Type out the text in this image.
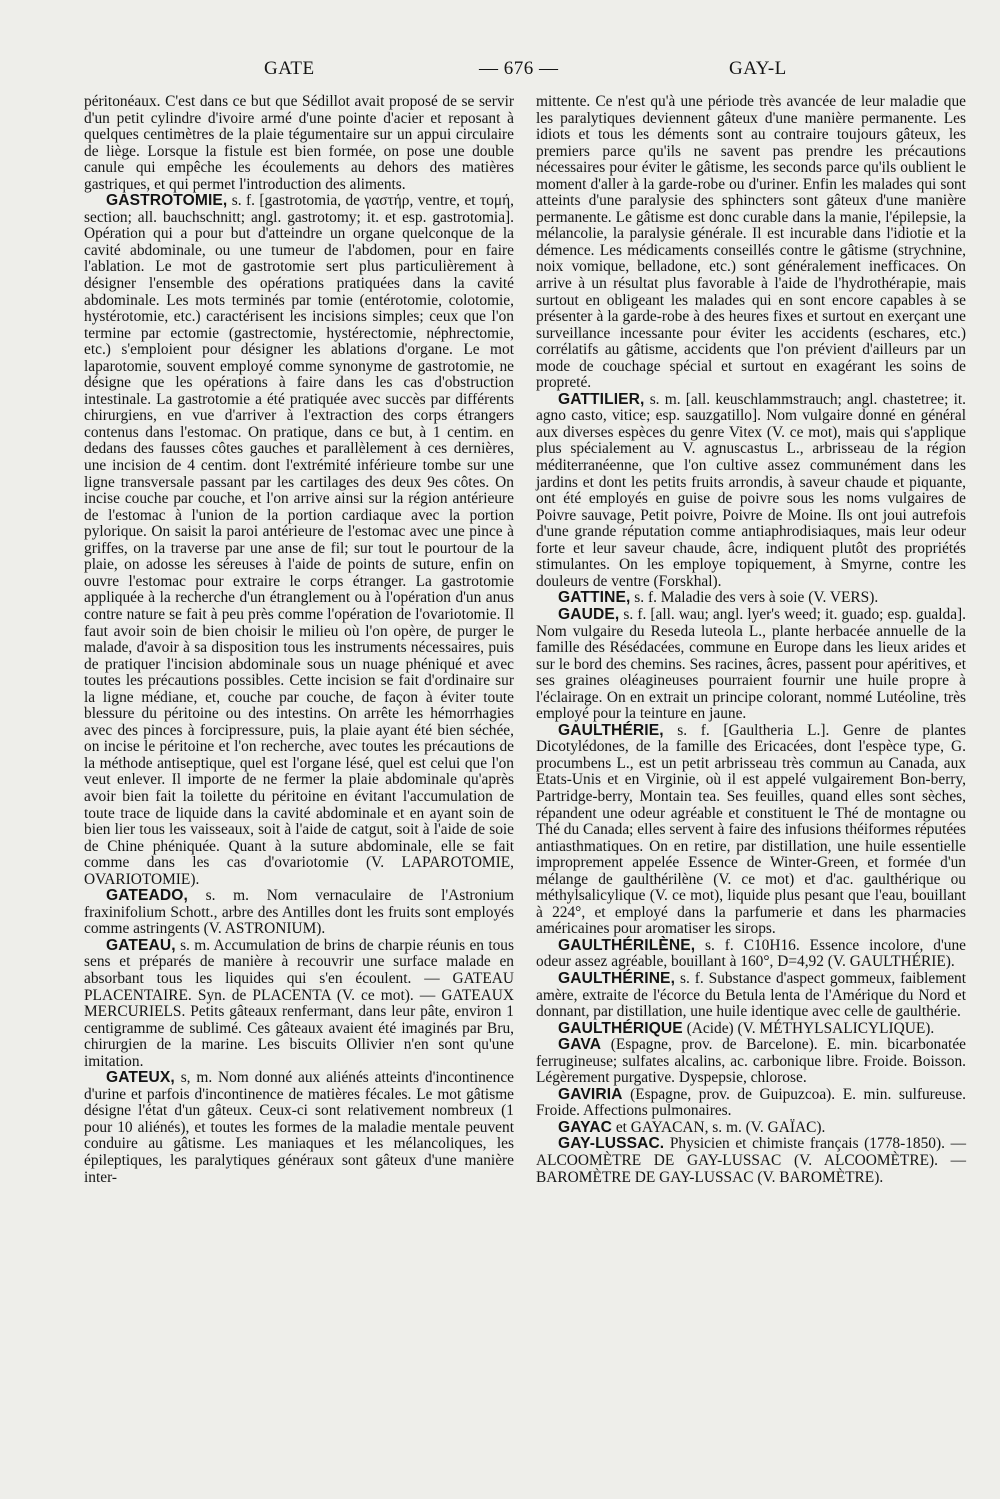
GATE	— 676 —	GAY-L

péritonéaux. C'est dans ce but que Sédillot avait proposé de se servir d'un petit cylindre d'ivoire armé d'une pointe d'acier et reposant à quelques centimètres de la plaie tégumentaire sur un appui circulaire de liège. Lorsque la fistule est bien formée, on pose une double canule qui empêche les écoulements au dehors des matières gastriques, et qui permet l'introduction des aliments.

GASTROTOMIE, s. f. [gastrotomia, de γαστήρ, ventre, et τομή, section; all. bauchschnitt; angl. gastrotomy; it. et esp. gastrotomia]. Opération qui a pour but d'atteindre un organe quelconque de la cavité abdominale, ou une tumeur de l'abdomen, pour en faire l'ablation. Le mot de gastrotomie sert plus particulièrement à désigner l'ensemble des opérations pratiquées dans la cavité abdominale. Les mots terminés par tomie (entérotomie, colotomie, hystérotomie, etc.) caractérisent les incisions simples; ceux que l'on termine par ectomie (gastrectomie, hystérectomie, néphrectomie, etc.) s'emploient pour désigner les ablations d'organe. Le mot laparotomie, souvent employé comme synonyme de gastrotomie, ne désigne que les opérations à faire dans les cas d'obstruction intestinale. La gastrotomie a été pratiquée avec succès par différents chirurgiens, en vue d'arriver à l'extraction des corps étrangers contenus dans l'estomac. On pratique, dans ce but, à 1 centim. en dedans des fausses côtes gauches et parallèlement à ces dernières, une incision de 4 centim. dont l'extrémité inférieure tombe sur une ligne transversale passant par les cartilages des deux 9es côtes. On incise couche par couche, et l'on arrive ainsi sur la région antérieure de l'estomac à l'union de la portion cardiaque avec la portion pylorique. On saisit la paroi antérieure de l'estomac avec une pince à griffes, on la traverse par une anse de fil; sur tout le pourtour de la plaie, on adosse les séreuses à l'aide de points de suture, enfin on ouvre l'estomac pour extraire le corps étranger. La gastrotomie appliquée à la recherche d'un étranglement ou à l'opération d'un anus contre nature se fait à peu près comme l'opération de l'ovariotomie. Il faut avoir soin de bien choisir le milieu où l'on opère, de purger le malade, d'avoir à sa disposition tous les instruments nécessaires, puis de pratiquer l'incision abdominale sous un nuage phéniqué et avec toutes les précautions possibles. Cette incision se fait d'ordinaire sur la ligne médiane, et, couche par couche, de façon à éviter toute blessure du péritoine ou des intestins. On arrête les hémorrhagies avec des pinces à forcipressure, puis, la plaie ayant été bien séchée, on incise le péritoine et l'on recherche, avec toutes les précautions de la méthode antiseptique, quel est l'organe lésé, quel est celui que l'on veut enlever. Il importe de ne fermer la plaie abdominale qu'après avoir bien fait la toilette du péritoine en évitant l'accumulation de toute trace de liquide dans la cavité abdominale et en ayant soin de bien lier tous les vaisseaux, soit à l'aide de catgut, soit à l'aide de soie de Chine phéniquée. Quant à la suture abdominale, elle se fait comme dans les cas d'ovariotomie (V. LAPAROTOMIE, OVARIOTOMIE).

GATEADO, s. m. Nom vernaculaire de l'Astronium fraxinifolium Schott., arbre des Antilles dont les fruits sont employés comme astringents (V. ASTRONIUM).

GATEAU, s. m. Accumulation de brins de charpie réunis en tous sens et préparés de manière à recouvrir une surface malade en absorbant tous les liquides qui s'en écoulent. — GATEAU PLACENTAIRE. Syn. de PLACENTA (V. ce mot). — GATEAUX MERCURIELS. Petits gâteaux renfermant, dans leur pâte, environ 1 centigramme de sublimé. Ces gâteaux avaient été imaginés par Bru, chirurgien de la marine. Les biscuits Ollivier n'en sont qu'une imitation.

GATEUX, s, m. Nom donné aux aliénés atteints d'incontinence d'urine et parfois d'incontinence de matières fécales. Le mot gâtisme désigne l'état d'un gâteux. Ceux-ci sont relativement nombreux (1 pour 10 aliénés), et toutes les formes de la maladie mentale peuvent conduire au gâtisme. Les maniaques et les mélancoliques, les épileptiques, les paralytiques généraux sont gâteux d'une manière inter-

mittente. Ce n'est qu'à une période très avancée de leur maladie que les paralytiques deviennent gâteux d'une manière permanente. Les idiots et tous les déments sont au contraire toujours gâteux, les premiers parce qu'ils ne savent pas prendre les précautions nécessaires pour éviter le gâtisme, les seconds parce qu'ils oublient le moment d'aller à la garde-robe ou d'uriner. Enfin les malades qui sont atteints d'une paralysie des sphincters sont gâteux d'une manière permanente. Le gâtisme est donc curable dans la manie, l'épilepsie, la mélancolie, la paralysie générale. Il est incurable dans l'idiotie et la démence. Les médicaments conseillés contre le gâtisme (strychnine, noix vomique, belladone, etc.) sont généralement inefficaces. On arrive à un résultat plus favorable à l'aide de l'hydrothérapie, mais surtout en obligeant les malades qui en sont encore capables à se présenter à la garde-robe à des heures fixes et surtout en exerçant une surveillance incessante pour éviter les accidents (eschares, etc.) corrélatifs au gâtisme, accidents que l'on prévient d'ailleurs par un mode de couchage spécial et surtout en exagérant les soins de propreté.

GATTILIER, s. m. [all. keuschlammstrauch; angl. chastetree; it. agno casto, vitice; esp. sauzgatillo]. Nom vulgaire donné en général aux diverses espèces du genre Vitex (V. ce mot), mais qui s'applique plus spécialement au V. agnuscastus L., arbrisseau de la région méditerranéenne, que l'on cultive assez communément dans les jardins et dont les petits fruits arrondis, à saveur chaude et piquante, ont été employés en guise de poivre sous les noms vulgaires de Poivre sauvage, Petit poivre, Poivre de Moine. Ils ont joui autrefois d'une grande réputation comme antiaphrodisiaques, mais leur odeur forte et leur saveur chaude, âcre, indiquent plutôt des propriétés stimulantes. On les employe topiquement, à Smyrne, contre les douleurs de ventre (Forskhal).

GATTINE, s. f. Maladie des vers à soie (V. VERS).

GAUDE, s. f. [all. wau; angl. lyer's weed; it. guado; esp. gualda]. Nom vulgaire du Reseda luteola L., plante herbacée annuelle de la famille des Résédacées, commune en Europe dans les lieux arides et sur le bord des chemins. Ses racines, âcres, passent pour apéritives, et ses graines oléagineuses pourraient fournir une huile propre à l'éclairage. On en extrait un principe colorant, nommé Lutéoline, très employé pour la teinture en jaune.

GAULTHÉRIE, s. f. [Gaultheria L.]. Genre de plantes Dicotylédones, de la famille des Ericacées, dont l'espèce type, G. procumbens L., est un petit arbrisseau très commun au Canada, aux Etats-Unis et en Virginie, où il est appelé vulgairement Bon-berry, Partridge-berry, Montain tea. Ses feuilles, quand elles sont sèches, répandent une odeur agréable et constituent le Thé de montagne ou Thé du Canada; elles servent à faire des infusions théiformes réputées antiasthmatiques. On en retire, par distillation, une huile essentielle improprement appelée Essence de Winter-Green, et formée d'un mélange de gaulthérilène (V. ce mot) et d'ac. gaulthérique ou méthylsalicylique (V. ce mot), liquide plus pesant que l'eau, bouillant à 224°, et employé dans la parfumerie et dans les pharmacies américaines pour aromatiser les sirops.

GAULTHÉRILÈNE, s. f. C10H16. Essence incolore, d'une odeur assez agréable, bouillant à 160°, D=4,92 (V. GAULTHÉRIE).

GAULTHÉRINE, s. f. Substance d'aspect gommeux, faiblement amère, extraite de l'écorce du Betula lenta de l'Amérique du Nord et donnant, par distillation, une huile identique avec celle de gaulthérie.

GAULTHÉRIQUE (Acide) (V. MÉTHYLSALICYLIQUE).

GAVA (Espagne, prov. de Barcelone). E. min. bicarbonatée ferrugineuse; sulfates alcalins, ac. carbonique libre. Froide. Boisson. Légèrement purgative. Dyspepsie, chlorose.

GAVIRIA (Espagne, prov. de Guipuzcoa). E. min. sulfureuse. Froide. Affections pulmonaires.

GAYAC et GAYACAN, s. m. (V. GAÏAC).

GAY-LUSSAC. Physicien et chimiste français (1778-1850). — ALCOOMÈTRE DE GAY-LUSSAC (V. ALCOOMÈTRE). — BAROMÈTRE DE GAY-LUSSAC (V. BAROMÈTRE).
